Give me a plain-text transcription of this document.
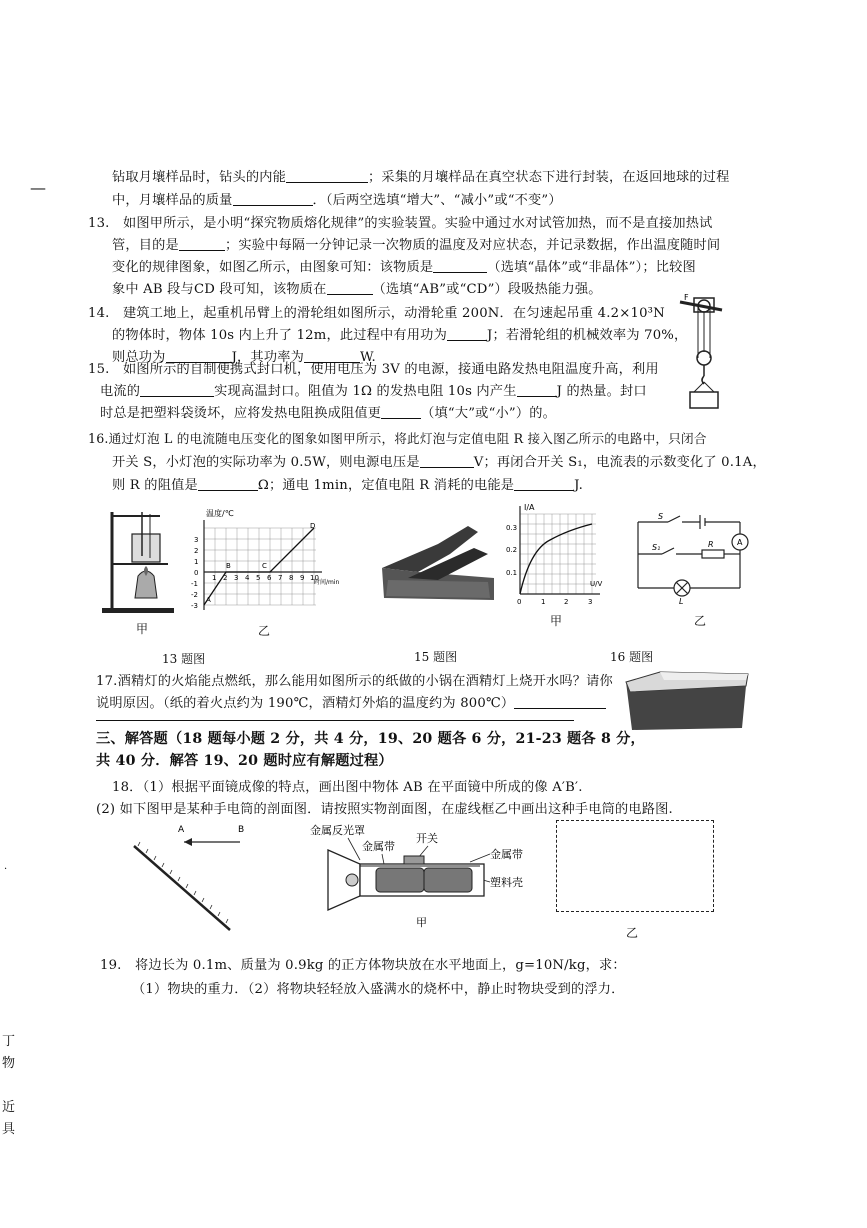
—
·
丁
物
近
具
钻取月壤样品时，钻头的内能	；采集的月壤样品在真空状态下进行封装，在返回地球的过程
中，月壤样品的质量	．（后两空选填“增大”、“减小”或“不变”）
13.　如图甲所示，是小明“探究物质熔化规律”的实验装置。实验中通过水对试管加热，而不是直接加热试
管，目的是	；实验中每隔一分钟记录一次物质的温度及对应状态，并记录数据，作出温度随时间
变化的规律图象，如图乙所示，由图象可知：该物质是	（选填“晶体”或“非晶体”）；比较图
象中 AB 段与CD 段可知，该物质在	（选填“AB”或“CD”）段吸热能力强。
14.　建筑工地上，起重机吊臂上的滑轮组如图所示，动滑轮重 200N．在匀速起吊重 4.2×10³N
的物体时，物体 10s 内上升了 12m，此过程中有用功为	J；若滑轮组的机械效率为 70%，
则总功为	J，其功率为	W.
F
15.　如图所示的自制便携式封口机，使用电压为 3V 的电源，接通电路发热电阻温度升高，利用
电流的	实现高温封口。阻值为 1Ω 的发热电阻 10s 内产生	J 的热量。封口
时总是把塑料袋烫坏，应将发热电阻换成阻值更	（填“大”或“小”）的。
16.通过灯泡 L 的电流随电压变化的图象如图甲所示，将此灯泡与定值电阻 R 接入图乙所示的电路中，只闭合
开关 S，小灯泡的实际功率为 0.5W，则电源电压是	V；再闭合开关 S₁，电流表的示数变化了 0.1A，
则 R 的阻值是	Ω；通电 1min，定值电阻 R 消耗的电能是	J.
甲
温度/℃
3
2
1
0
-1
-2
-3
1 2 3 4 5 6 7 8 9 10
时间/min
A
B	C
D
乙
I/A
0.3
0.2
0.1
0	1	2	3
U/V
甲
S
S₁	R	A
L
乙
13 题图	15 题图	16 题图
17.酒精灯的火焰能点燃纸，那么能用如图所示的纸做的小锅在酒精灯上烧开水吗？请你
说明原因。（纸的着火点约为 190℃，酒精灯外焰的温度约为 800℃）
三、解答题（18 题每小题 2 分，共 4 分，19、20 题各 6 分，21-23 题各 8 分，
共 40 分．解答 19、20 题时应有解题过程）
18．（1）根据平面镜成像的特点，画出图中物体 AB 在平面镜中所成的像 A′B′.
(2) 如下图甲是某种手电筒的剖面图．请按照实物剖面图，在虚线框乙中画出这种手电筒的电路图.
A	B	金属反光罩
金属带
开关
金属带
塑料壳
甲
乙
19.　将边长为 0.1m、质量为 0.9kg 的正方体物块放在水平地面上，g=10N/kg，求：
（1）物块的重力．（2）将物块轻轻放入盛满水的烧杯中，静止时物块受到的浮力．
